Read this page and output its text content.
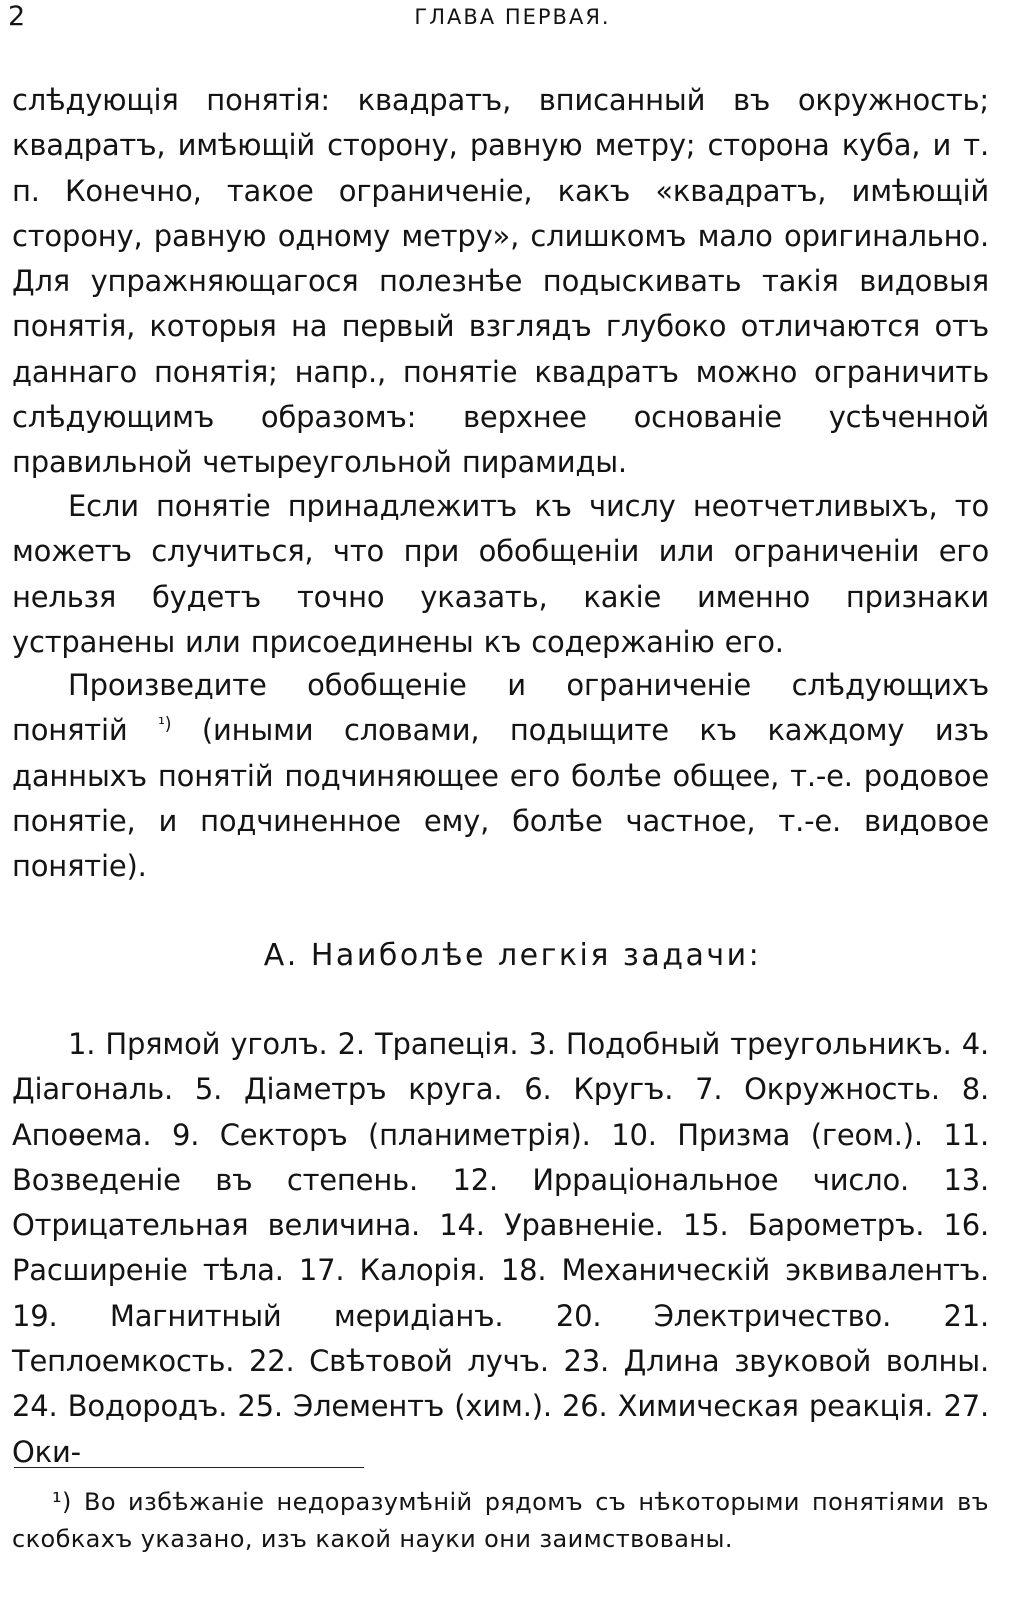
2	ГЛАВА ПЕРВАЯ.

слѣдующія понятія: квадратъ, вписанный въ окружность; квадратъ, имѣющій сторону, равную метру; сторона куба, и т. п. Конечно, такое ограниченіе, какъ «квадратъ, имѣющій сторону, равную одному метру», слишкомъ мало оригинально. Для упражняющагося полезнѣе подыскивать такія видовыя понятія, которыя на первый взглядъ глубоко отличаются отъ даннаго понятія; напр., понятіе квадратъ можно ограничить слѣдующимъ образомъ: верхнее основаніе усѣченной правильной четыреугольной пирамиды.

Если понятіе принадлежитъ къ числу неотчетливыхъ, то можетъ случиться, что при обобщеніи или ограниченіи его нельзя будетъ точно указать, какіе именно признаки устранены или присоединены къ содержанію его.

Произведите обобщеніе и ограниченіе слѣдующихъ понятій $^{^1)}$ (иными словами, подыщите къ каждому изъ данныхъ понятій подчиняющее его болѣе общее, т.-е. родовое понятіе, и подчиненное ему, болѣе частное, т.-е. видовое понятіе).

А. Наиболѣе легкія задачи:

1. Прямой уголъ. 2. Трапеція. 3. Подобный треугольникъ. 4. Діагональ. 5. Діаметръ круга. 6. Кругъ. 7. Окружность. 8. Апоѳема. 9. Секторъ (планиметрія). 10. Призма (геом.). 11. Возведеніе въ степень. 12. Ирраціональное число. 13. Отрицательная величина. 14. Уравненіе. 15. Барометръ. 16. Расширеніе тѣла. 17. Калорія. 18. Механическій эквивалентъ. 19. Магнитный меридіанъ. 20. Электричество. 21. Теплоемкость. 22. Свѣтовой лучъ. 23. Длина звуковой волны. 24. Водородъ. 25. Элементъ (хим.). 26. Химическая реакція. 27. Оки-

¹) Во избѣжаніе недоразумѣній рядомъ съ нѣкоторыми понятіями въ скобкахъ указано, изъ какой науки они заимствованы.
